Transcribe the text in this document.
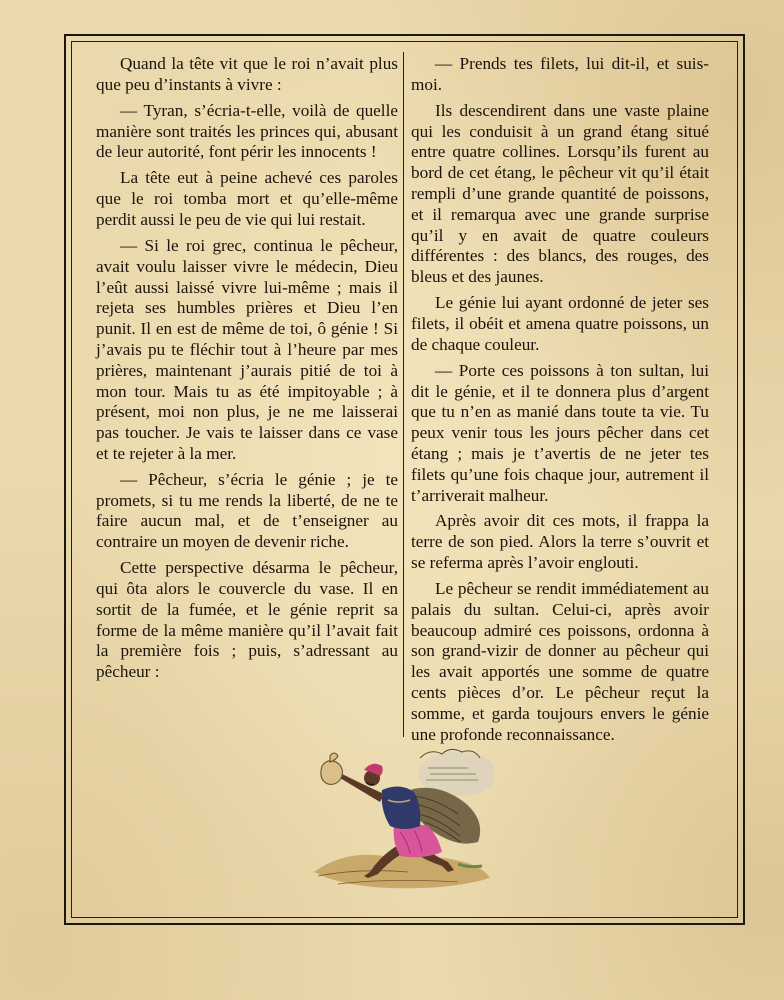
Quand la tête vit que le roi n’avait plus que peu d’instants à vivre :

— Tyran, s’écria-t-elle, voilà de quelle manière sont traités les princes qui, abusant de leur autorité, font périr les innocents !

La tête eut à peine achevé ces paroles que le roi tomba mort et qu’elle-même perdit aussi le peu de vie qui lui restait.

— Si le roi grec, continua le pêcheur, avait voulu laisser vivre le médecin, Dieu l’eût aussi laissé vivre lui-même ; mais il rejeta ses humbles prières et Dieu l’en punit. Il en est de même de toi, ô génie ! Si j’avais pu te fléchir tout à l’heure par mes prières, maintenant j’aurais pitié de toi à mon tour. Mais tu as été impitoyable ; à présent, moi non plus, je ne me laisserai pas toucher. Je vais te laisser dans ce vase et te rejeter à la mer.

— Pêcheur, s’écria le génie ; je te promets, si tu me rends la liberté, de ne te faire aucun mal, et de t’enseigner au contraire un moyen de devenir riche.

Cette perspective désarma le pêcheur, qui ôta alors le couvercle du vase. Il en sortit de la fumée, et le génie reprit sa forme de la même manière qu’il l’avait fait la première fois ; puis, s’adressant au pêcheur :

— Prends tes filets, lui dit-il, et suis-moi.

Ils descendirent dans une vaste plaine qui les conduisit à un grand étang situé entre quatre collines. Lorsqu’ils furent au bord de cet étang, le pêcheur vit qu’il était rempli d’une grande quantité de poissons, et il remarqua avec une grande surprise qu’il y en avait de quatre couleurs différentes : des blancs, des rouges, des bleus et des jaunes.

Le génie lui ayant ordonné de jeter ses filets, il obéit et amena quatre poissons, un de chaque couleur.

— Porte ces poissons à ton sultan, lui dit le génie, et il te donnera plus d’argent que tu n’en as manié dans toute ta vie. Tu peux venir tous les jours pêcher dans cet étang ; mais je t’avertis de ne jeter tes filets qu’une fois chaque jour, autrement il t’arriverait malheur.

Après avoir dit ces mots, il frappa la terre de son pied. Alors la terre s’ouvrit et se referma après l’avoir englouti.

Le pêcheur se rendit immédiatement au palais du sultan. Celui-ci, après avoir beaucoup admiré ces poissons, ordonna à son grand-vizir de donner au pêcheur qui les avait apportés une somme de quatre cents pièces d’or. Le pêcheur reçut la somme, et garda toujours envers le génie une profonde reconnaissance.
